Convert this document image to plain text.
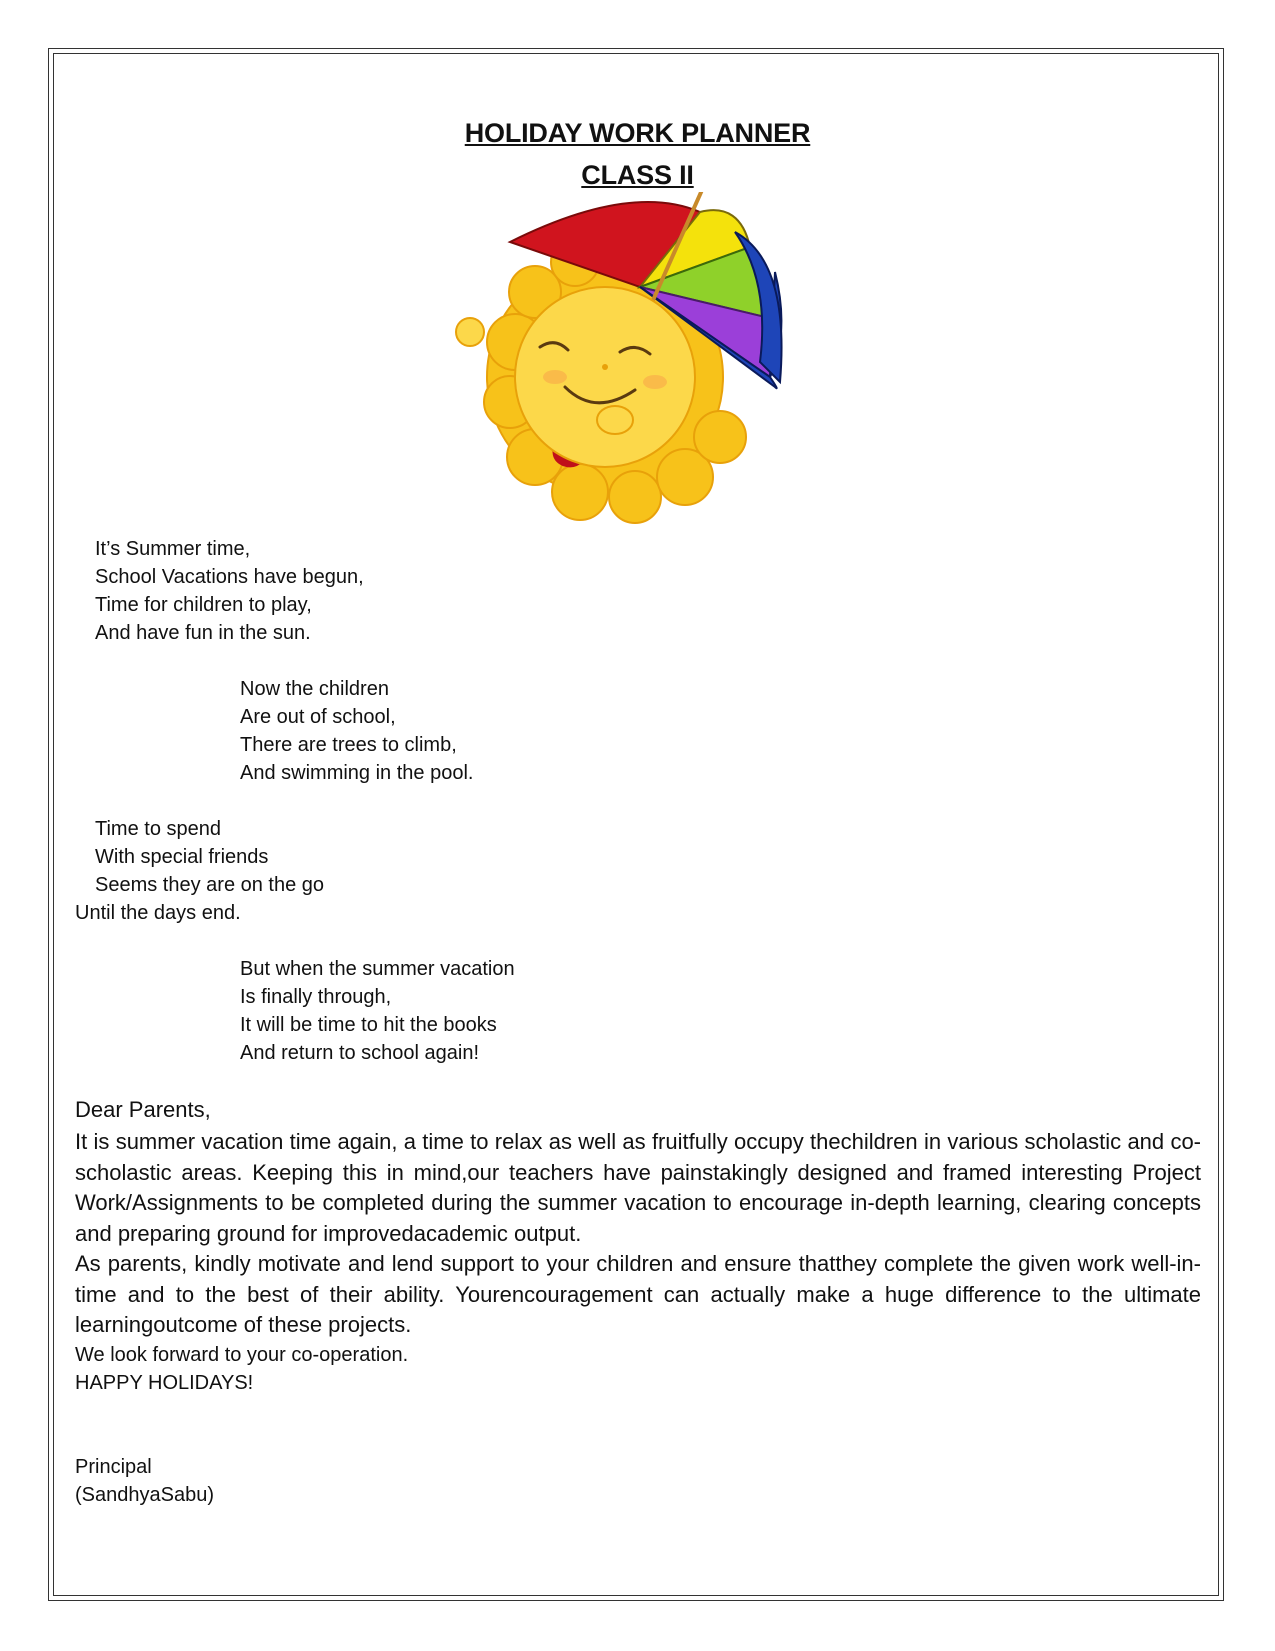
HOLIDAY WORK PLANNER
CLASS II
It’s Summer time,
School Vacations have begun,
Time for children to play,
And have fun in the sun.
Now the children
Are out of school,
There are trees to climb,
And swimming in the pool.
Time to spend
With special friends
Seems they are on the go
Until the days end.
But when the summer vacation
Is finally through,
It will be time to hit the books
And return to school again!
Dear Parents,

It is summer vacation time again, a time to relax as well as fruitfully occupy thechildren in various scholastic and co-scholastic areas. Keeping this in mind,our teachers have painstakingly designed and framed interesting Project Work/Assignments to be completed during the summer vacation to encourage in-depth learning, clearing concepts and preparing ground for improvedacademic output.

As parents, kindly motivate and lend support to your children and ensure thatthey complete the given work well-in-time and to the best of their ability. Yourencouragement can actually make a huge difference to the ultimate learningoutcome of these projects.

We look forward to your co-operation.
HAPPY HOLIDAYS!
Principal
(SandhyaSabu)
